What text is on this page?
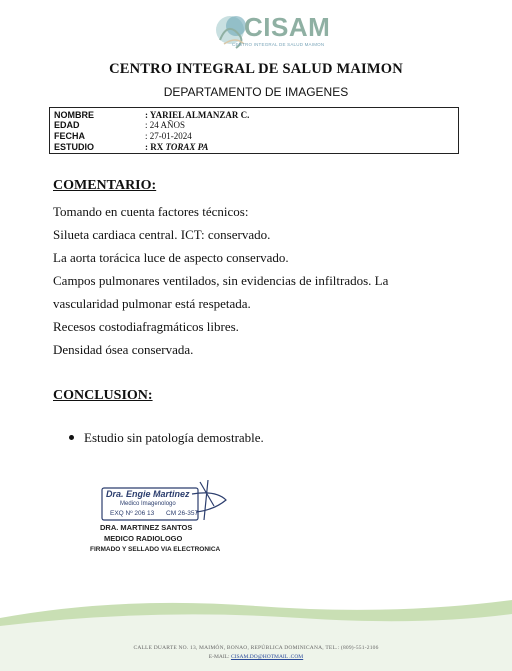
CISAM
CENTRO INTEGRAL DE SALUD MAIMON
CENTRO INTEGRAL DE SALUD MAIMON
DEPARTAMENTO DE IMAGENES
NOMBRE	: YARIEL ALMANZAR C.
EDAD	: 24 AÑOS
FECHA	: 27-01-2024
ESTUDIO	: RX TORAX PA
COMENTARIO:
Tomando en cuenta factores técnicos:
Silueta cardiaca central. ICT: conservado.
La aorta torácica luce de aspecto conservado.
Campos pulmonares ventilados, sin evidencias de infiltrados. La
vascularidad pulmonar está respetada.
Recesos costodiafragmáticos libres.
Densidad ósea conservada.
CONCLUSION:
Estudio sin patología demostrable.
Dra. Engie Martinez
Medico Imagenologo
EXQ Nº 206 13 CM 26-357
DRA. MARTINEZ SANTOS
MEDICO RADIOLOGO
FIRMADO Y SELLADO VIA ELECTRONICA
CALLE DUARTE NO. 13, MAIMÓN, BONAO, REPÚBLICA DOMINICANA, TEL.: (809)-551-2106
E-MAIL: CISAM.DO@HOTMAIL .COM
